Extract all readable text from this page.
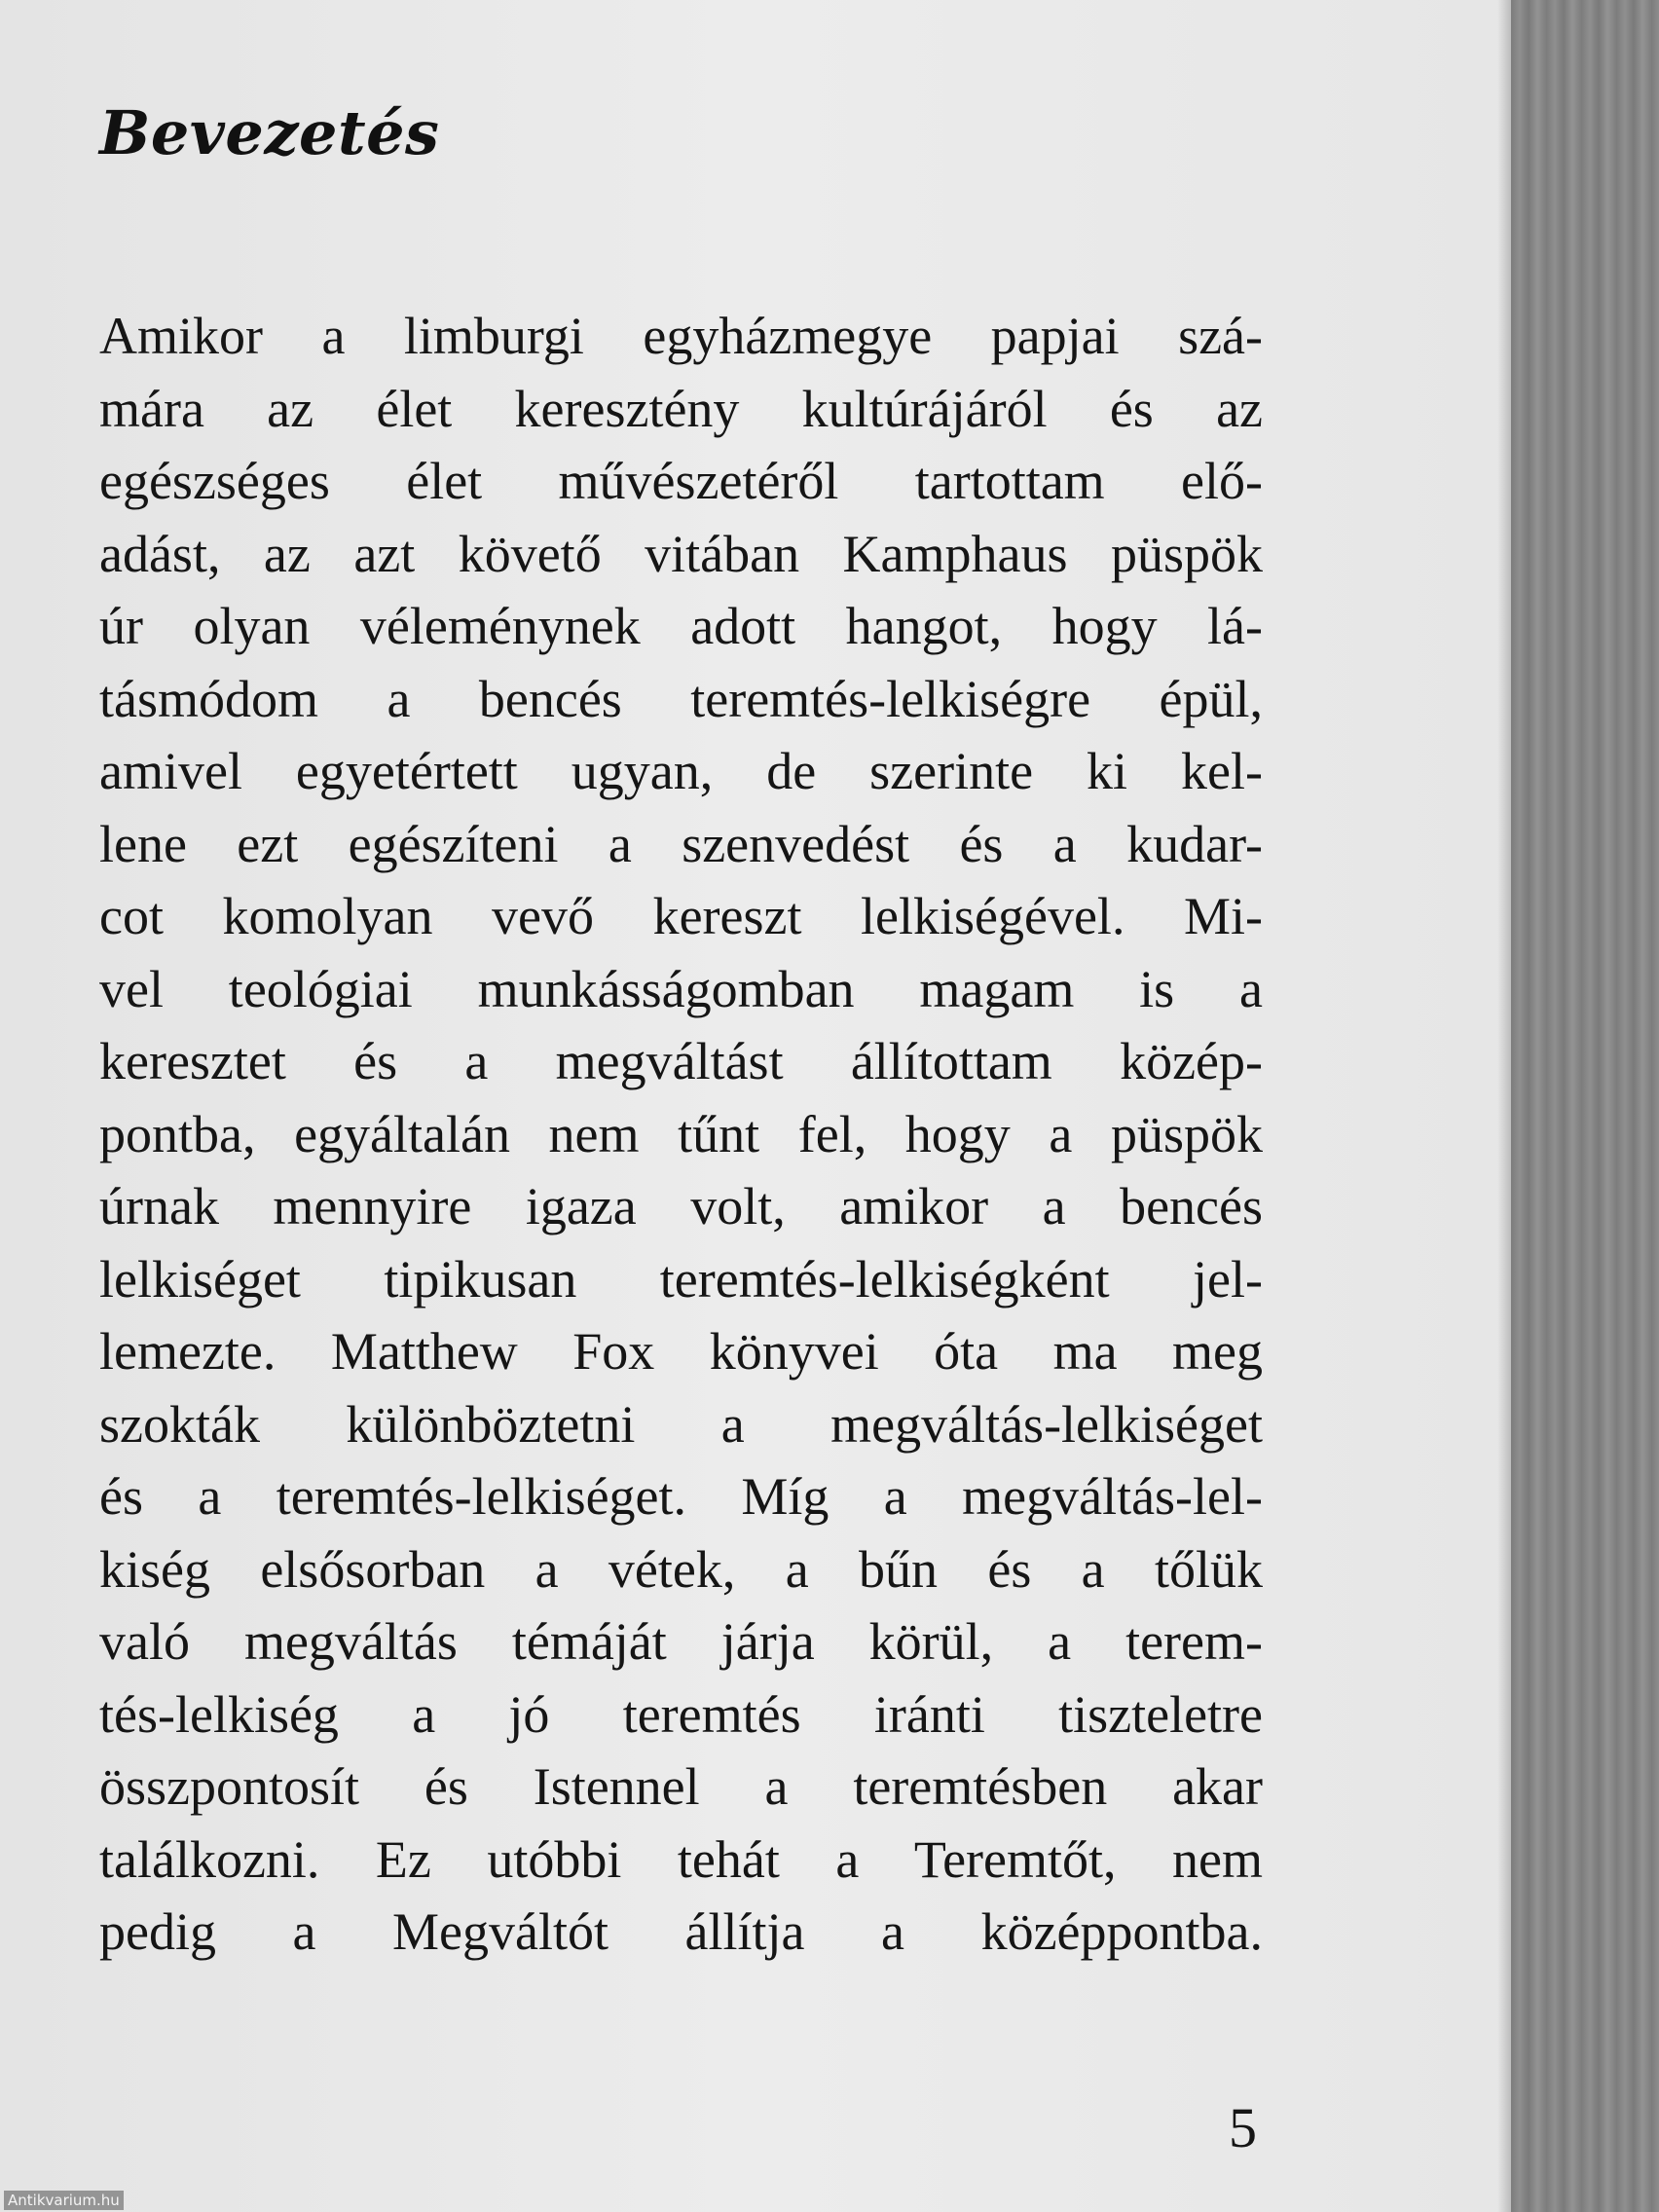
Bevezetés
Amikor a limburgi egyházmegye papjai szá-
mára az élet keresztény kultúrájáról és az
egészséges élet művészetéről tartottam elő-
adást, az azt követő vitában Kamphaus püspök
úr olyan véleménynek adott hangot, hogy lá-
tásmódom a bencés teremtés-lelkiségre épül,
amivel egyetértett ugyan, de szerinte ki kel-
lene ezt egészíteni a szenvedést és a kudar-
cot komolyan vevő kereszt lelkiségével. Mi-
vel teológiai munkásságomban magam is a
keresztet és a megváltást állítottam közép-
pontba, egyáltalán nem tűnt fel, hogy a püspök
úrnak mennyire igaza volt, amikor a bencés
lelkiséget tipikusan teremtés-lelkiségként jel-
lemezte. Matthew Fox könyvei óta ma meg
szokták különböztetni a megváltás-lelkiséget
és a teremtés-lelkiséget. Míg a megváltás-lel-
kiség elsősorban a vétek, a bűn és a tőlük
való megváltás témáját járja körül, a terem-
tés-lelkiség a jó teremtés iránti tiszteletre
összpontosít és Istennel a teremtésben akar
találkozni. Ez utóbbi tehát a Teremtőt, nem
pedig a Megváltót állítja a középpontba.
5
Antikvarium.hu
